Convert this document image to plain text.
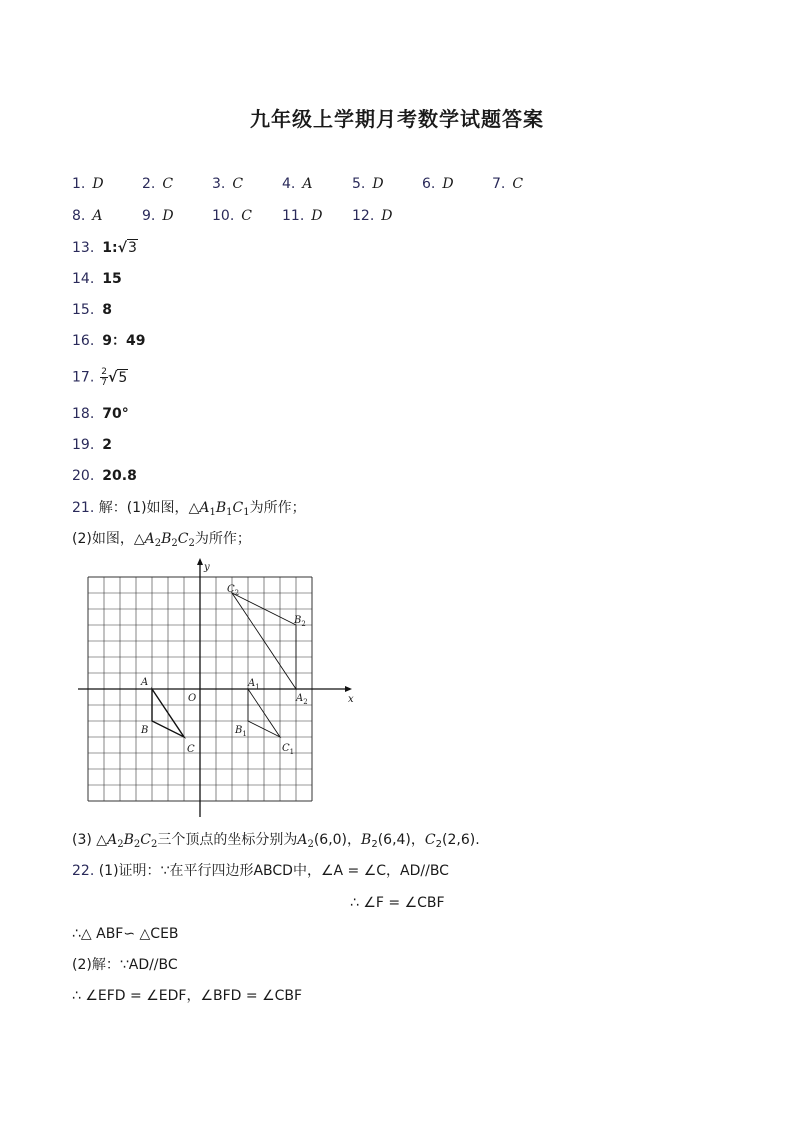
九年级上学期月考数学试题答案
1. D	2. C	3. C	4. A	5. D	6. D	7. C
8. A	9. D	10. C 11. D 12. D
13. 1:√3
14. 15
15. 8
16. 9：49
17. $\frac{2}{7} √5$
18. 70°
19. 2
20. 20.8
21. 解：(1)如图，$\triangle A_1B_1C_1$为所作；
(2)如图，$\triangle A_2B_2C_2$为所作；
x
y
O
A
B
C
$A_1$
$B_1$
$C_1$
$A_2$
$B_2$
$C_2$
(3) $\triangle A_2B_2C_2$三个顶点的坐标分别为$A_2(6,0)$，$B_2(6,4)$，$C_2(2,6)$.
22. (1)证明：∵在平行四边形ABCD中，∠A = ∠C，AD//BC
∴ ∠F = ∠CBF
∴△ ABF∽ △CEB
(2)解：∵AD//BC
∴ ∠EFD = ∠EDF，∠BFD = ∠CBF
